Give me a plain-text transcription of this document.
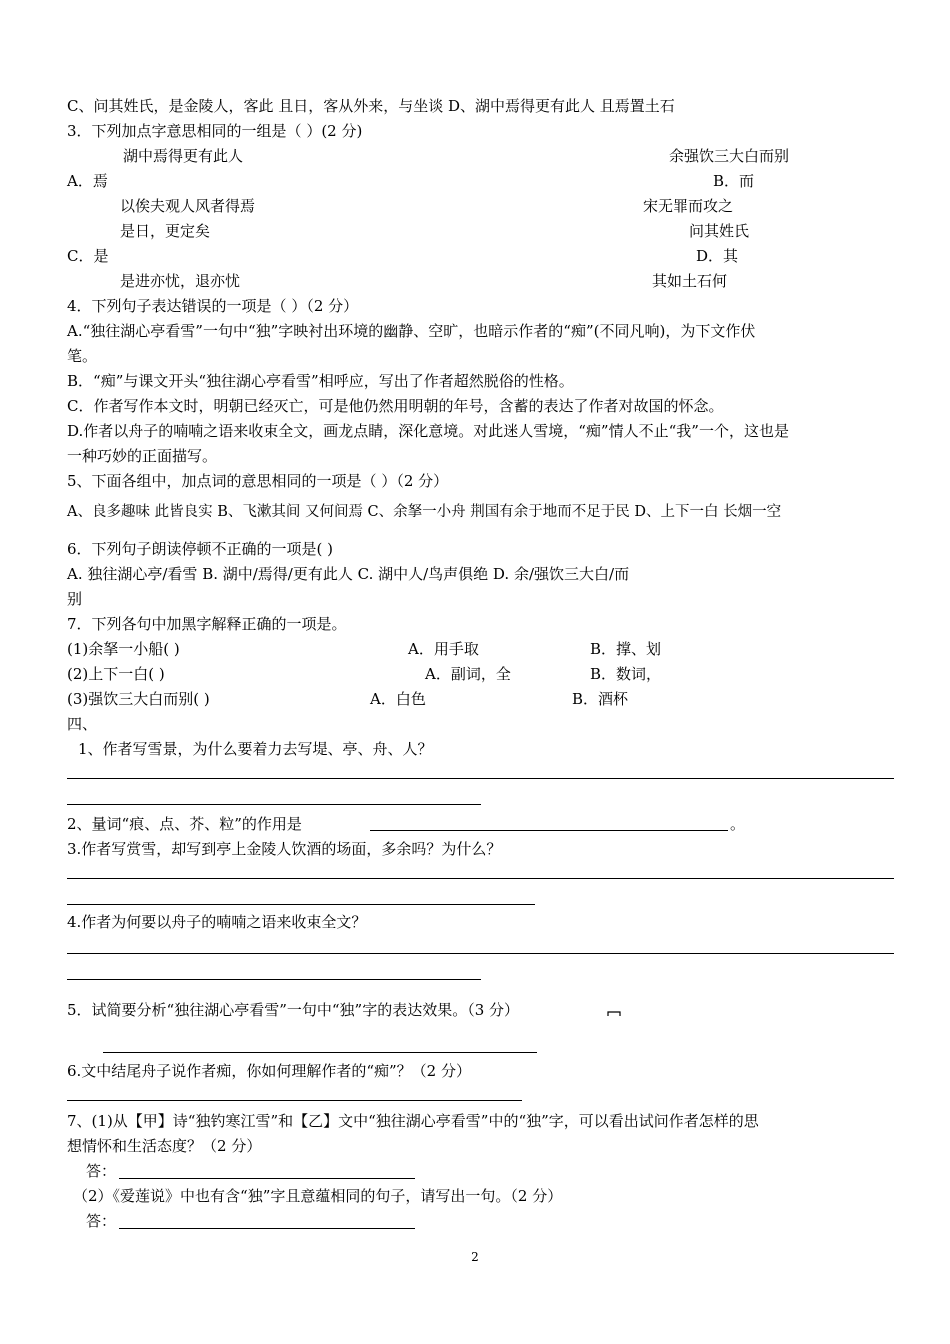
C、问其姓氏，是金陵人，客此 且日，客从外来，与坐谈 D、湖中焉得更有此人 且焉置土石
3．下列加点字意思相同的一组是（ ）(2 分)
湖中焉得更有此人	余强饮三大白而别
A．焉	B．而
以俟夫观人风者得焉	宋无罪而攻之
是日，更定矣	问其姓氏
C．是	D．其
是进亦忧，退亦忧	其如土石何
4．下列句子表达错误的一项是（ ）（2 分）
A.“独往湖心亭看雪”一句中“独”字映衬出环境的幽静、空旷，也暗示作者的“痴”(不同凡响)，为下文作伏
笔。
B．“痴”与课文开头“独往湖心亭看雪”相呼应，写出了作者超然脱俗的性格。
C．作者写作本文时，明朝已经灭亡，可是他仍然用明朝的年号，含蓄的表达了作者对故国的怀念。
D.作者以舟子的喃喃之语来收束全文，画龙点睛，深化意境。对此迷人雪境，“痴”情人不止“我”一个，这也是
一种巧妙的正面描写。
5、下面各组中，加点词的意思相同的一项是（ ）（2 分）
A、良多趣味 此皆良实 B、飞漱其间 又何间焉 C、余拏一小舟 荆国有余于地而不足于民 D、上下一白 长烟一空
6．下列句子朗读停顿不正确的一项是( )
A. 独往湖心亭/看雪 B. 湖中/焉得/更有此人 C. 湖中人/鸟声俱绝 D. 余/强饮三大白/而
别
7．下列各句中加黑字解释正确的一项是。
(1)余拏一小船( )	A．用手取	B．撑、划
(2)上下一白( )	A．副词，全	B．数词，
(3)强饮三大白而别( )	A．白色	B．酒杯
四、
1、作者写雪景，为什么要着力去写堤、亭、舟、人？
2、量词“痕、点、芥、粒”的作用是	。
3.作者写赏雪，却写到亭上金陵人饮酒的场面，多余吗？为什么？
4.作者为何要以舟子的喃喃之语来收束全文？
5．试简要分析“独往湖心亭看雪”一句中“独”字的表达效果。（3 分）
6.文中结尾舟子说作者痴，你如何理解作者的“痴”？（2 分）
7、(1)从【甲】诗“独钓寒江雪”和【乙】文中“独往湖心亭看雪”中的“独”字，可以看出试问作者怎样的思
想情怀和生活态度？（2 分）
答：
（2）《爱莲说》中也有含“独”字且意蕴相同的句子，请写出一句。（2 分）
答：
2
